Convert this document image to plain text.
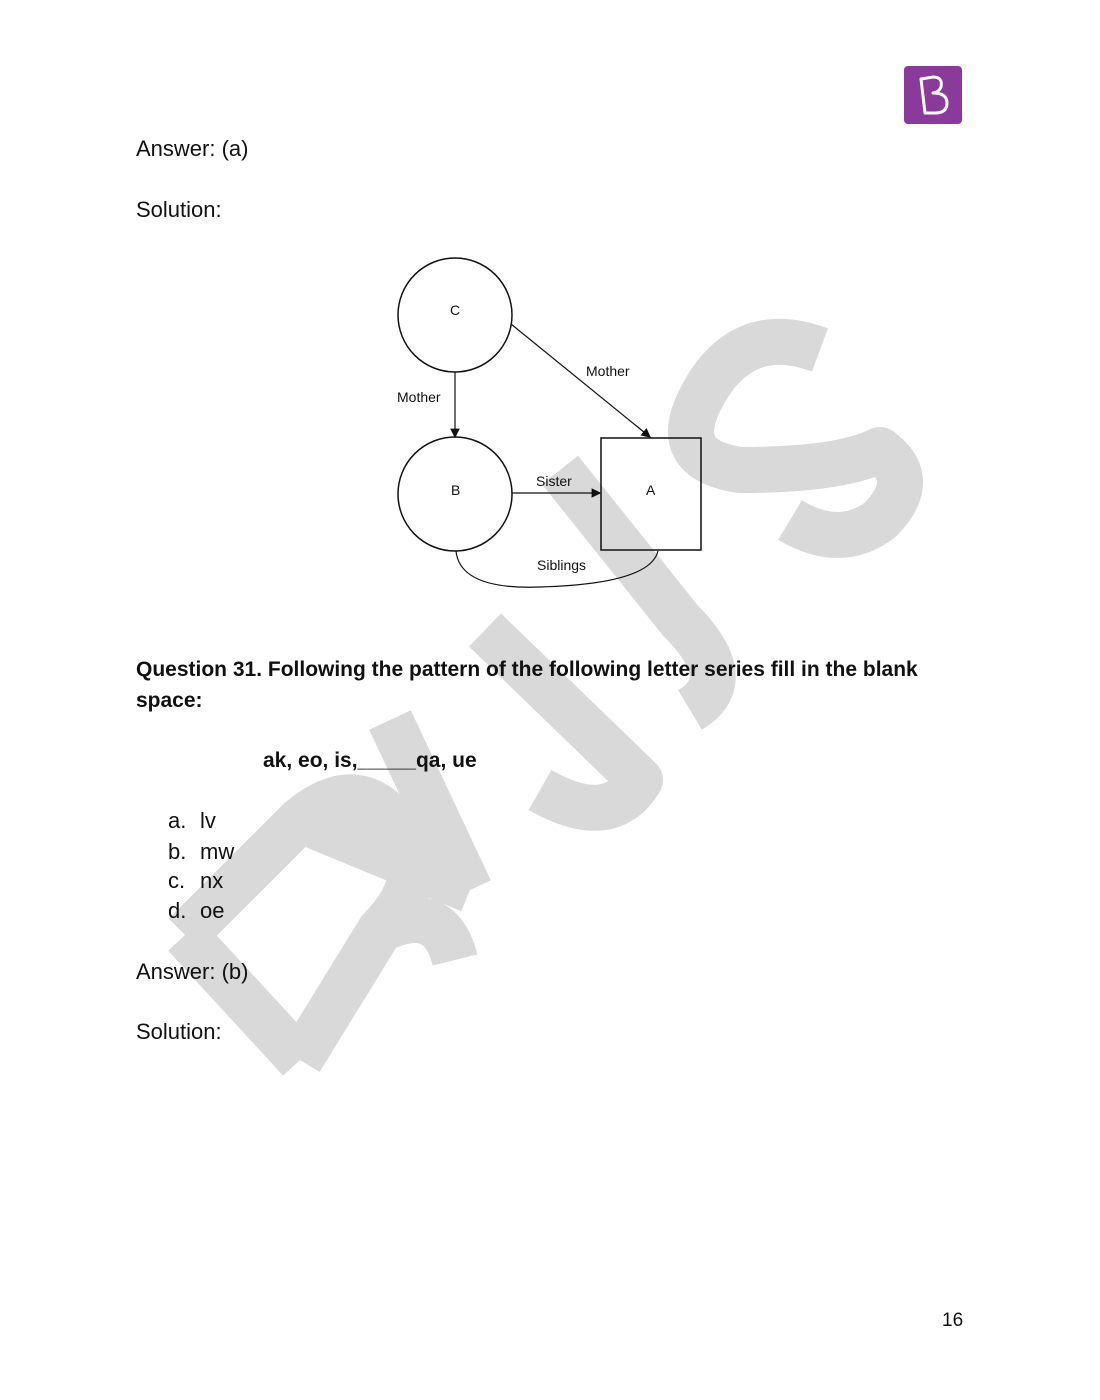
Answer: (a)
Solution:
C
B	A
Mother
Mother
Sister
Siblings
Question 31. Following the pattern of the following letter series fill in the blank
space:
ak, eo, is,_____qa, ue
a. lv
b. mw
c. nx
d. oe
Answer: (b)
Solution:
16
